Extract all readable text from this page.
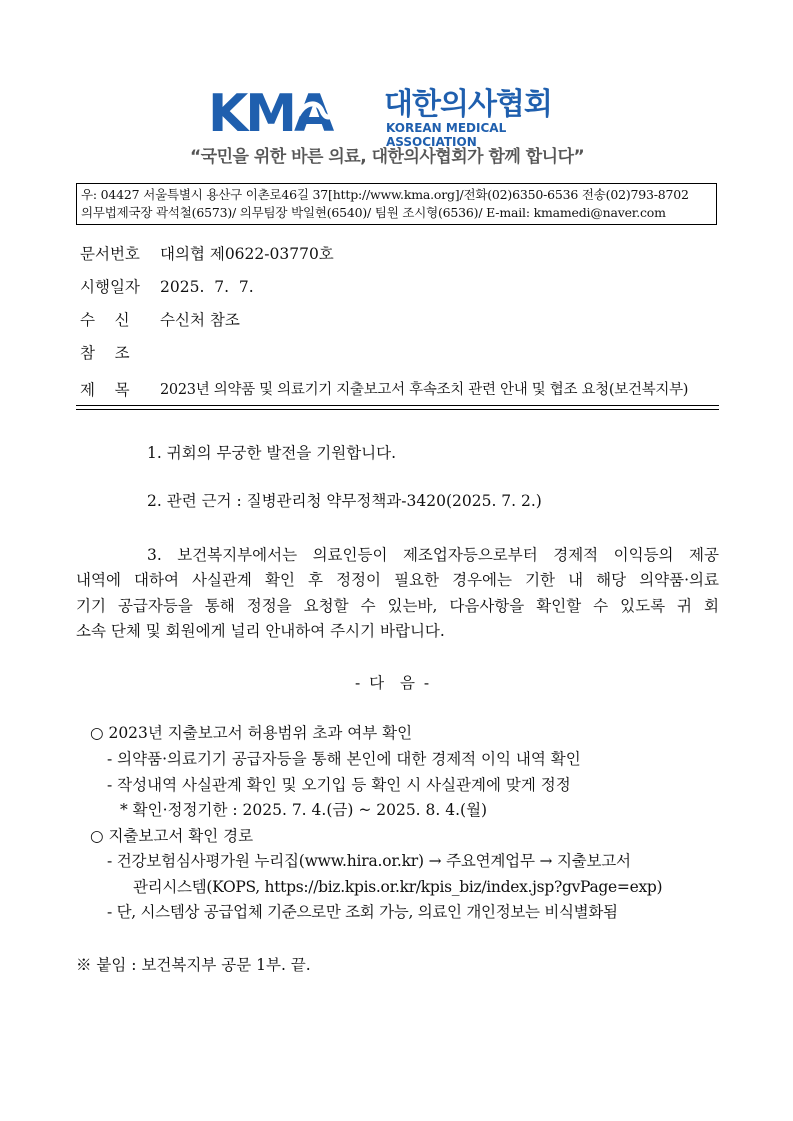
KMA 대한의사협회
KOREAN MEDICAL ASSOCIATION
“국민을 위한 바른 의료, 대한의사협회가 함께 합니다”
우: 04427 서울특별시 용산구 이촌로46길 37[http://www.kma.org]/전화(02)6350-6536 전송(02)793-8702
의무법제국장 곽석철(6573)/ 의무팀장 박일현(6540)/ 팀원 조시형(6536)/ E-mail: kmamedi@naver.com
문서번호 대의협 제0622-03770호
시행일자 2025.  7.  7.
수    신 수신처 참조
참    조
제    목 2023년 의약품 및 의료기기 지출보고서 후속조치 관련 안내 및 협조 요청(보건복지부)
1. 귀회의 무궁한 발전을 기원합니다.
2. 관련 근거 : 질병관리청 약무정책과-3420(2025. 7. 2.)
3. 보건복지부에서는 의료인등이 제조업자등으로부터 경제적 이익등의 제공
내역에 대하여 사실관계 확인 후 정정이 필요한 경우에는 기한 내 해당 의약품·의료
기기 공급자등을 통해 정정을 요청할 수 있는바, 다음사항을 확인할 수 있도록 귀 회
소속 단체 및 회원에게 널리 안내하여 주시기 바랍니다.
- 다  음 -
○ 2023년 지출보고서 허용범위 초과 여부 확인
- 의약품·의료기기 공급자등을 통해 본인에 대한 경제적 이익 내역 확인
- 작성내역 사실관계 확인 및 오기입 등 확인 시 사실관계에 맞게 정정
* 확인·정정기한 : 2025. 7. 4.(금) ~ 2025. 8. 4.(월)
○ 지출보고서 확인 경로
- 건강보험심사평가원 누리집(www.hira.or.kr) → 주요연계업무 → 지출보고서
관리시스템(KOPS, https://biz.kpis.or.kr/kpis_biz/index.jsp?gvPage=exp)
- 단, 시스템상 공급업체 기준으로만 조회 가능, 의료인 개인정보는 비식별화됨
※ 붙임 : 보건복지부 공문 1부. 끝.
